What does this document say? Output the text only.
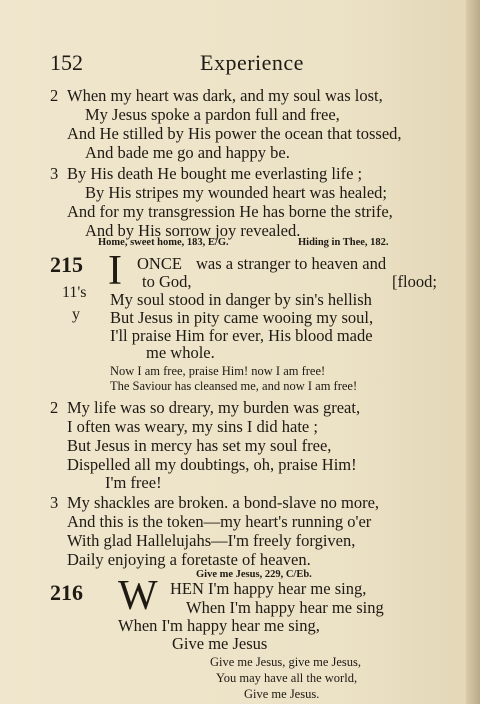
152	Experience
2 When my heart was dark, and my soul was lost,
My Jesus spoke a pardon full and free,
And He stilled by His power the ocean that tossed,
And bade me go and happy be.
3 By His death He bought me everlasting life ;
By His stripes my wounded heart was healed;
And for my transgression He has borne the strife,
And by His sorrow joy revealed.
Home, sweet home, 183, E/G.	Hiding in Thee, 182.
215
11's
y
I ONCE was a stranger to heaven and
to God,	[flood;
My soul stood in danger by sin's hellish
But Jesus in pity came wooing my soul,
I'll praise Him for ever, His blood made
me whole.
Now I am free, praise Him! now I am free!
The Saviour has cleansed me, and now I am free!
2 My life was so dreary, my burden was great,
I often was weary, my sins I did hate ;
But Jesus in mercy has set my soul free,
Dispelled all my doubtings, oh, praise Him!
I'm free!
3 My shackles are broken. a bond-slave no more,
And this is the token—my heart's running o'er
With glad Hallelujahs—I'm freely forgiven,
Daily enjoying a foretaste of heaven.
Give me Jesus, 229, C/Eb.
216 W HEN I'm happy hear me sing,
When I'm happy hear me sing
When I'm happy hear me sing,
Give me Jesus
Give me Jesus, give me Jesus,
You may have all the world,
Give me Jesus.
